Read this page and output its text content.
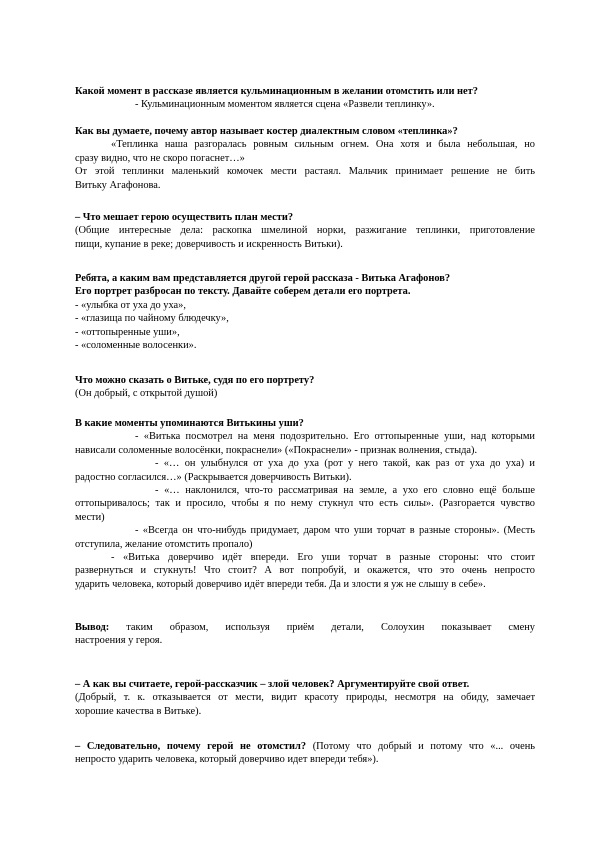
Какой момент в рассказе является кульминационным в желании отомстить или нет?

- Кульминационным моментом является сцена «Развели теплинку».

Как вы думаете, почему автор называет костер диалектным словом «теплинка»?

«Теплинка наша разгоралась ровным сильным огнем. Она хотя и была небольшая, но

сразу видно, что не скоро погаснет…»

От этой теплинки маленький комочек мести растаял. Мальчик принимает решение не бить

Витьку Агафонова.

– Что мешает герою осуществить план мести?

(Общие интересные дела: раскопка шмелиной норки, разжигание теплинки, приготовление

пищи, купание в реке; доверчивость и искренность Витьки).

Ребята, а каким вам представляется другой герой рассказа - Витька Агафонов?

Его портрет разбросан по тексту. Давайте соберем детали его портрета.

- «улыбка от уха до уха»,

- «глазища по чайному блюдечку»,

- «оттопыренные уши»,

- «соломенные волосенки».

Что можно сказать о Витьке, судя по его портрету?

(Он добрый, с открытой душой)

В какие моменты упоминаются Витькины уши?

- «Витька посмотрел на меня подозрительно. Его оттопыренные уши, над которыми

нависали соломенные волосёнки, покраснели» («Покраснели» - признак волнения, стыда).

- «… он улыбнулся от уха до уха (рот у него такой, как раз от уха до уха) и

радостно согласился…» (Раскрывается доверчивость Витьки).

- «… наклонился, что-то рассматривая на земле, а ухо его словно ещё больше

оттопыривалось; так и просило, чтобы я по нему стукнул что есть силы». (Разгорается чувство

мести)

- «Всегда он что-нибудь придумает, даром что уши торчат в разные стороны». (Месть

отступила, желание отомстить пропало)

- «Витька доверчиво идёт впереди. Его уши торчат в разные стороны: что стоит

развернуться и стукнуть! Что стоит? А вот попробуй, и окажется, что это очень непросто

ударить человека, который доверчиво идёт впереди тебя. Да и злости я уж не слышу в себе».

Вывод: таким образом, используя приём детали, Солоухин показывает смену

настроения у героя.

– А как вы считаете, герой-рассказчик – злой человек? Аргументируйте свой ответ.

(Добрый, т. к. отказывается от мести, видит красоту природы, несмотря на обиду, замечает

хорошие качества в Витьке).

– Следовательно, почему герой не отомстил? (Потому что добрый и потому что «... очень

непросто ударить человека, который доверчиво идет впереди тебя»).
